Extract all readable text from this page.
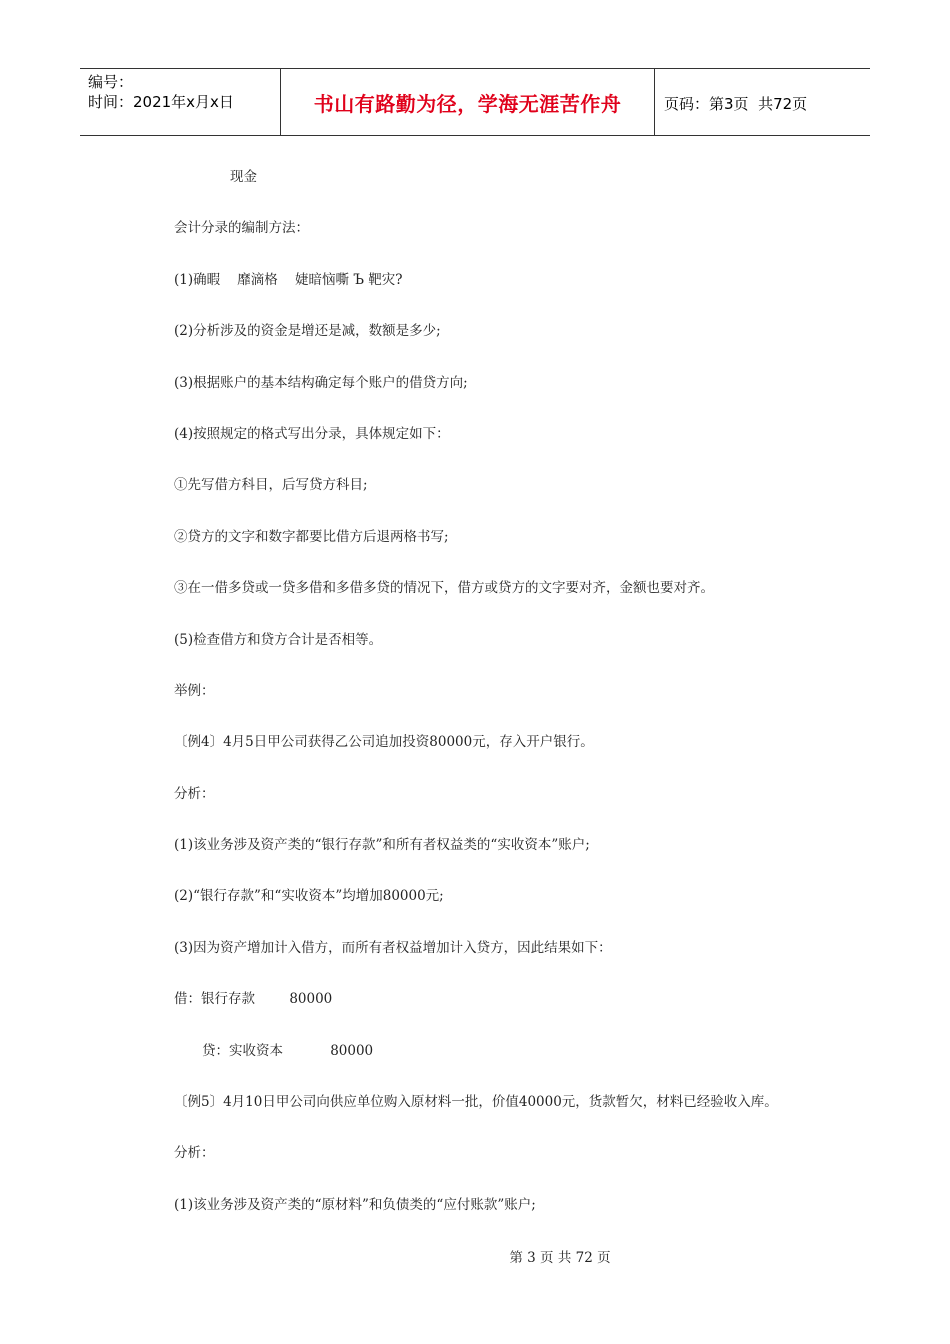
编号：
时间：2021年x月x日	书山有路勤为径，学海无涯苦作舟	页码：第3页  共72页
现金
会计分录的编制方法：
(1)确暇    靡滴格    婕暗恼嘶 Ъ 靶灾?
(2)分析涉及的资金是增还是减，数额是多少;
(3)根据账户的基本结构确定每个账户的借贷方向;
(4)按照规定的格式写出分录，具体规定如下：
①先写借方科目，后写贷方科目;
②贷方的文字和数字都要比借方后退两格书写;
③在一借多贷或一贷多借和多借多贷的情况下，借方或贷方的文字要对齐，金额也要对齐。
(5)检查借方和贷方合计是否相等。
举例：
〔例4〕4月5日甲公司获得乙公司追加投资80000元，存入开户银行。
分析：
(1)该业务涉及资产类的“银行存款”和所有者权益类的“实收资本”账户;
(2)“银行存款”和“实收资本”均增加80000元;
(3)因为资产增加计入借方，而所有者权益增加计入贷方，因此结果如下：
借：银行存款        80000
贷：实收资本           80000
〔例5〕4月10日甲公司向供应单位购入原材料一批，价值40000元，货款暂欠，材料已经验收入库。
分析：
(1)该业务涉及资产类的“原材料”和负债类的“应付账款”账户;
第 3 页 共 72 页
